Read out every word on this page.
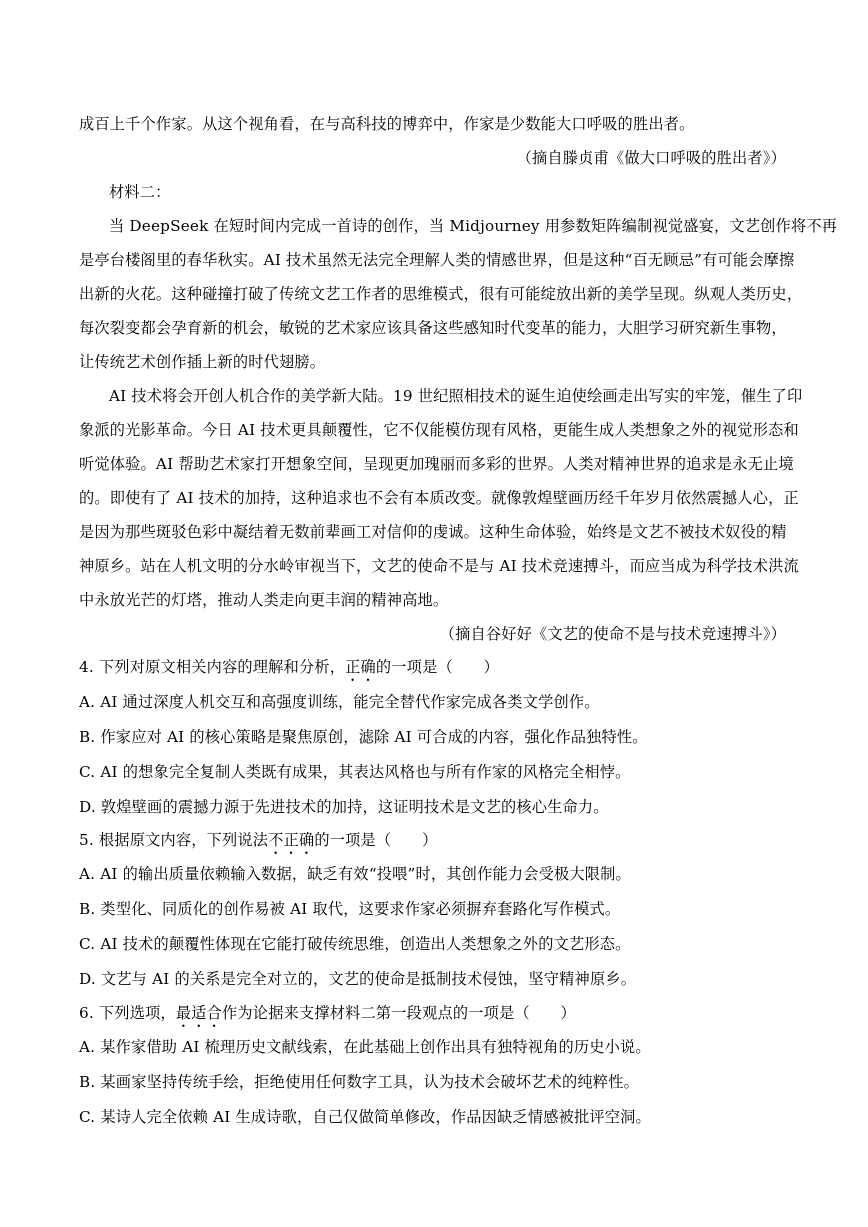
成百上千个作家。从这个视角看，在与高科技的博弈中，作家是少数能大口呼吸的胜出者。
（摘自滕贞甫《做大口呼吸的胜出者》）
材料二：
当 DeepSeek 在短时间内完成一首诗的创作，当 Midjourney 用参数矩阵编制视觉盛宴，文艺创作将不再
是亭台楼阁里的春华秋实。AI 技术虽然无法完全理解人类的情感世界，但是这种“百无顾忌”有可能会摩擦
出新的火花。这种碰撞打破了传统文艺工作者的思维模式，很有可能绽放出新的美学呈现。纵观人类历史，
每次裂变都会孕育新的机会，敏锐的艺术家应该具备这些感知时代变革的能力，大胆学习研究新生事物，
让传统艺术创作插上新的时代翅膀。
AI 技术将会开创人机合作的美学新大陆。19 世纪照相技术的诞生迫使绘画走出写实的牢笼，催生了印
象派的光影革命。今日 AI 技术更具颠覆性，它不仅能模仿现有风格，更能生成人类想象之外的视觉形态和
听觉体验。AI 帮助艺术家打开想象空间，呈现更加瑰丽而多彩的世界。人类对精神世界的追求是永无止境
的。即使有了 AI 技术的加持，这种追求也不会有本质改变。就像敦煌壁画历经千年岁月依然震撼人心，正
是因为那些斑驳色彩中凝结着无数前辈画工对信仰的虔诚。这种生命体验，始终是文艺不被技术奴役的精
神原乡。站在人机文明的分水岭审视当下，文艺的使命不是与 AI 技术竞速搏斗，而应当成为科学技术洪流
中永放光芒的灯塔，推动人类走向更丰润的精神高地。
（摘自谷好好《文艺的使命不是与技术竞速搏斗》）
4. 下列对原文相关内容的理解和分析，正确的一项是（　　）
A. AI 通过深度人机交互和高强度训练，能完全替代作家完成各类文学创作。
B. 作家应对 AI 的核心策略是聚焦原创，滤除 AI 可合成的内容，强化作品独特性。
C. AI 的想象完全复制人类既有成果，其表达风格也与所有作家的风格完全相悖。
D. 敦煌壁画的震撼力源于先进技术的加持，这证明技术是文艺的核心生命力。
5. 根据原文内容，下列说法不正确的一项是（　　）
A. AI 的输出质量依赖输入数据，缺乏有效“投喂”时，其创作能力会受极大限制。
B. 类型化、同质化的创作易被 AI 取代，这要求作家必须摒弃套路化写作模式。
C. AI 技术的颠覆性体现在它能打破传统思维，创造出人类想象之外的文艺形态。
D. 文艺与 AI 的关系是完全对立的，文艺的使命是抵制技术侵蚀，坚守精神原乡。
6. 下列选项，最适合作为论据来支撑材料二第一段观点的一项是（　　）
A. 某作家借助 AI 梳理历史文献线索，在此基础上创作出具有独特视角的历史小说。
B. 某画家坚持传统手绘，拒绝使用任何数字工具，认为技术会破坏艺术的纯粹性。
C. 某诗人完全依赖 AI 生成诗歌，自己仅做简单修改，作品因缺乏情感被批评空洞。
